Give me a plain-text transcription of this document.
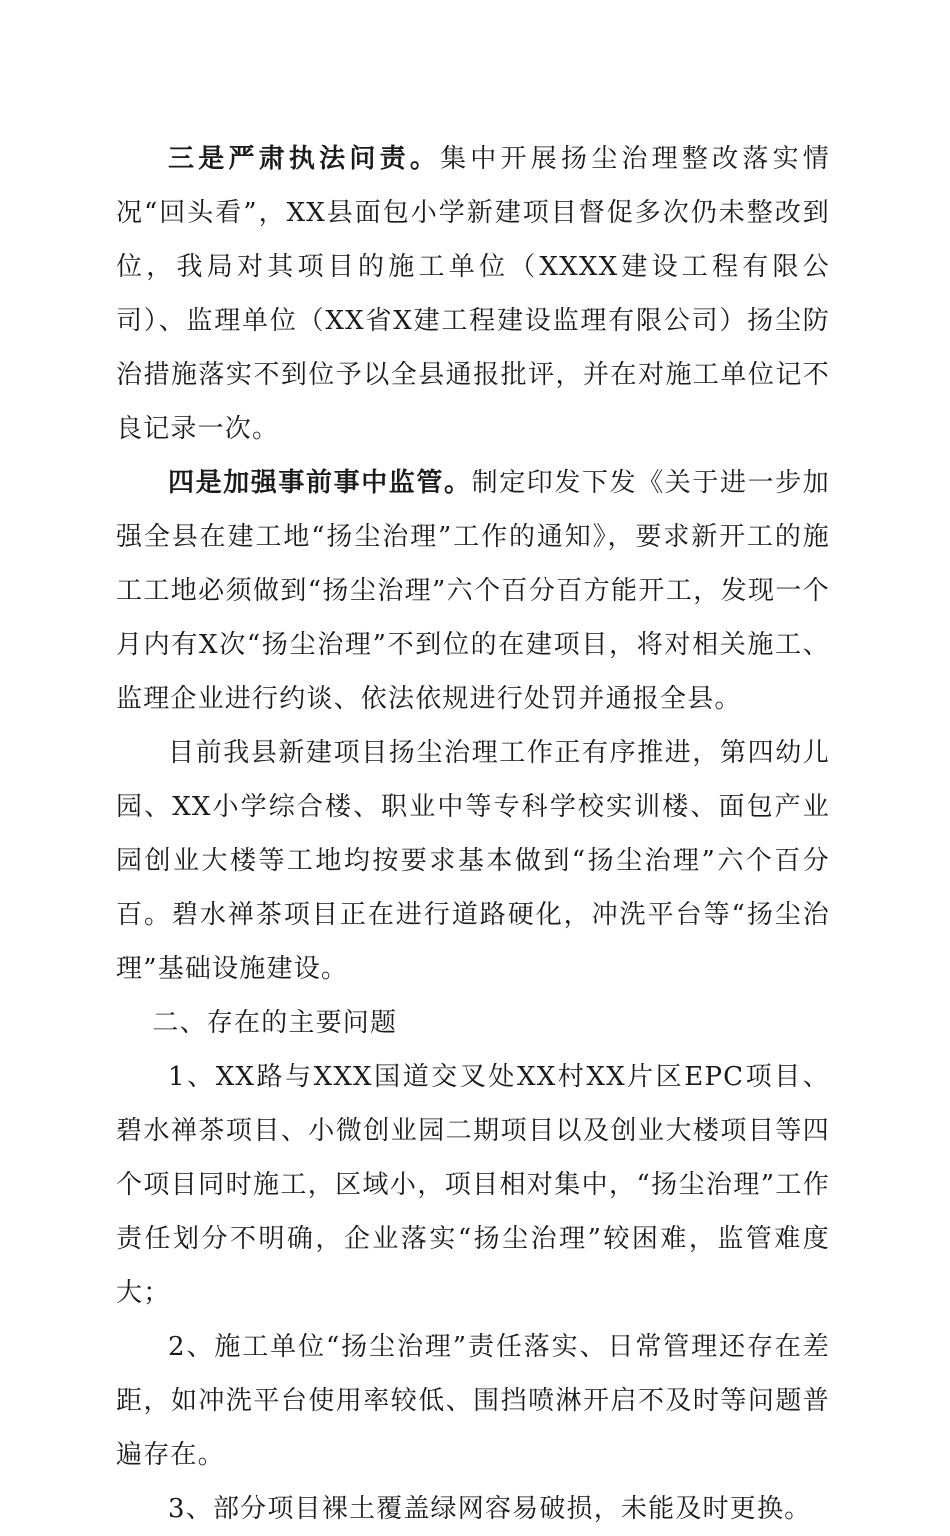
三是严肃执法问责。集中开展扬尘治理整改落实情况“回头看”，XX县面包小学新建项目督促多次仍未整改到位，我局对其项目的施工单位（XXXX建设工程有限公司）、监理单位（XX省X建工程建设监理有限公司）扬尘防治措施落实不到位予以全县通报批评，并在对施工单位记不良记录一次。

四是加强事前事中监管。制定印发下发《关于进一步加强全县在建工地“扬尘治理”工作的通知》，要求新开工的施工工地必须做到“扬尘治理”六个百分百方能开工，发现一个月内有X次“扬尘治理”不到位的在建项目，将对相关施工、监理企业进行约谈、依法依规进行处罚并通报全县。

目前我县新建项目扬尘治理工作正有序推进，第四幼儿园、XX小学综合楼、职业中等专科学校实训楼、面包产业园创业大楼等工地均按要求基本做到“扬尘治理”六个百分百。碧水禅茶项目正在进行道路硬化，冲洗平台等“扬尘治理”基础设施建设。

二、存在的主要问题

1、XX路与XXX国道交叉处XX村XX片区EPC项目、碧水禅茶项目、小微创业园二期项目以及创业大楼项目等四个项目同时施工，区域小，项目相对集中，“扬尘治理”工作责任划分不明确，企业落实“扬尘治理”较困难，监管难度大；

2、施工单位“扬尘治理”责任落实、日常管理还存在差距，如冲洗平台使用率较低、围挡喷淋开启不及时等问题普遍存在。

3、部分项目裸土覆盖绿网容易破损，未能及时更换。
